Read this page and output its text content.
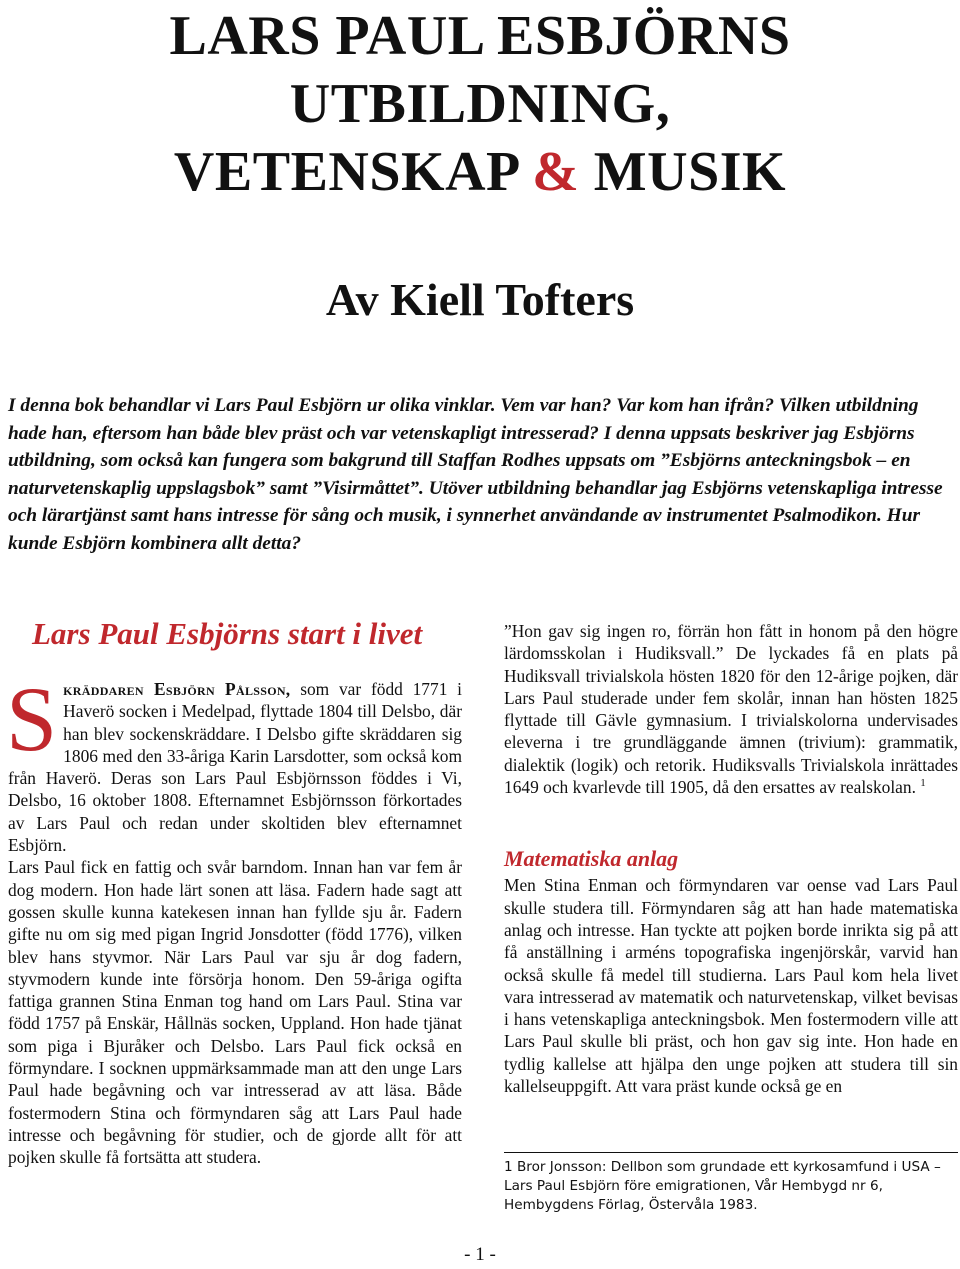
LARS PAUL ESBJÖRNS
UTBILDNING,
VETENSKAP & MUSIK
Av Kiell Tofters

I denna bok behandlar vi Lars Paul Esbjörn ur olika vinklar. Vem var han? Var kom han ifrån? Vilken utbildning hade han, eftersom han både blev präst och var vetenskapligt intresserad? I denna uppsats beskriver jag Esbjörns utbildning, som också kan fungera som bakgrund till Staffan Rodhes uppsats om ”Esbjörns anteckningsbok – en naturvetenskaplig uppslagsbok” samt ”Visirmåttet”. Utöver utbildning behandlar jag Esbjörns vetenskapliga intresse och lärartjänst samt hans intresse för sång och musik, i synnerhet användande av instrumentet Psalmodikon. Hur kunde Esbjörn kombinera allt detta?

Lars Paul Esbjörns start i livet

Skräddaren Esbjörn Pålsson, som var född 1771 i Haverö socken i Medelpad, flyttade 1804 till Delsbo, där han blev sockenskräddare. I Delsbo gifte skräddaren sig 1806 med den 33-åriga Karin Larsdotter, som också kom från Haverö. Deras son Lars Paul Esbjörnsson föddes i Vi, Delsbo, 16 oktober 1808. Efternamnet Esbjörnsson förkortades av Lars Paul och redan under skoltiden blev efternamnet Esbjörn.

Lars Paul fick en fattig och svår barndom. Innan han var fem år dog modern. Hon hade lärt sonen att läsa. Fadern hade sagt att gossen skulle kunna katekesen innan han fyllde sju år. Fadern gifte nu om sig med pigan Ingrid Jonsdotter (född 1776), vilken blev hans styvmor. När Lars Paul var sju år dog fadern, styvmodern kunde inte försörja honom. Den 59-åriga ogifta fattiga grannen Stina Enman tog hand om Lars Paul. Stina var född 1757 på Enskär, Hållnäs socken, Uppland. Hon hade tjänat som piga i Bjuråker och Delsbo. Lars Paul fick också en förmyndare. I socknen uppmärksammade man att den unge Lars Paul hade begåvning och var intresserad av att läsa. Både fostermodern Stina och förmyndaren såg att Lars Paul hade intresse och begåvning för studier, och de gjorde allt för att pojken skulle få fortsätta att studera.

”Hon gav sig ingen ro, förrän hon fått in honom på den högre lärdomsskolan i Hudiksvall.” De lyckades få en plats på Hudiksvall trivialskola hösten 1820 för den 12-årige pojken, där Lars Paul studerade under fem skolår, innan han hösten 1825 flyttade till Gävle gymnasium. I trivialskolorna undervisades eleverna i tre grundläggande ämnen (trivium): grammatik, dialektik (logik) och retorik. Hudiksvalls Trivialskola inrättades 1649 och kvarlevde till 1905, då den ersattes av realskolan. $^1$

Matematiska anlag

Men Stina Enman och förmyndaren var oense vad Lars Paul skulle studera till. Förmyndaren såg att han hade matematiska anlag och intresse. Han tyckte att pojken borde inrikta sig på att få anställning i arméns topografiska ingenjörskår, varvid han också skulle få medel till studierna. Lars Paul kom hela livet vara intresserad av matematik och naturvetenskap, vilket bevisas i hans vetenskapliga anteckningsbok. Men fostermodern ville att Lars Paul skulle bli präst, och hon gav sig inte. Hon hade en tydlig kallelse att hjälpa den unge pojken att studera till sin kallelseuppgift. Att vara präst kunde också ge en

1 Bror Jonsson: Dellbon som grundade ett kyrkosamfund i USA – Lars Paul Esbjörn före emigrationen, Vår Hembygd nr 6, Hembygdens Förlag, Östervåla 1983.

- 1 -
